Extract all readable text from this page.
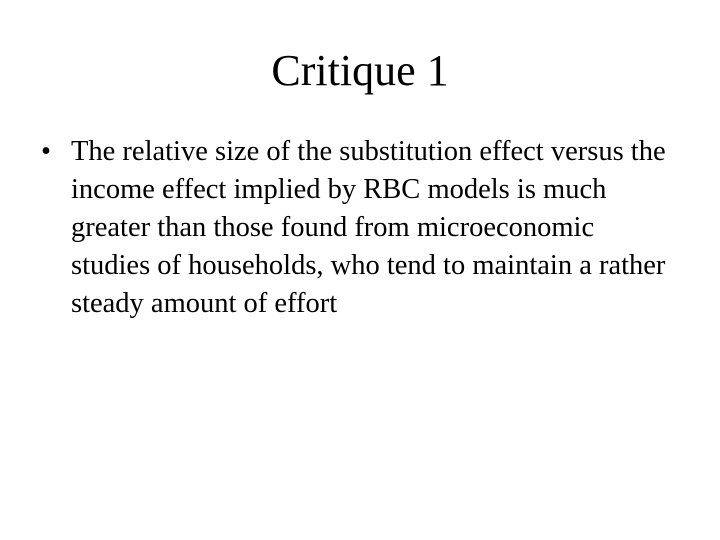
Critique 1
• The relative size of the substitution effect versus the income effect implied by RBC models is much greater than those found from microeconomic studies of households, who tend to maintain a rather steady amount of effort
